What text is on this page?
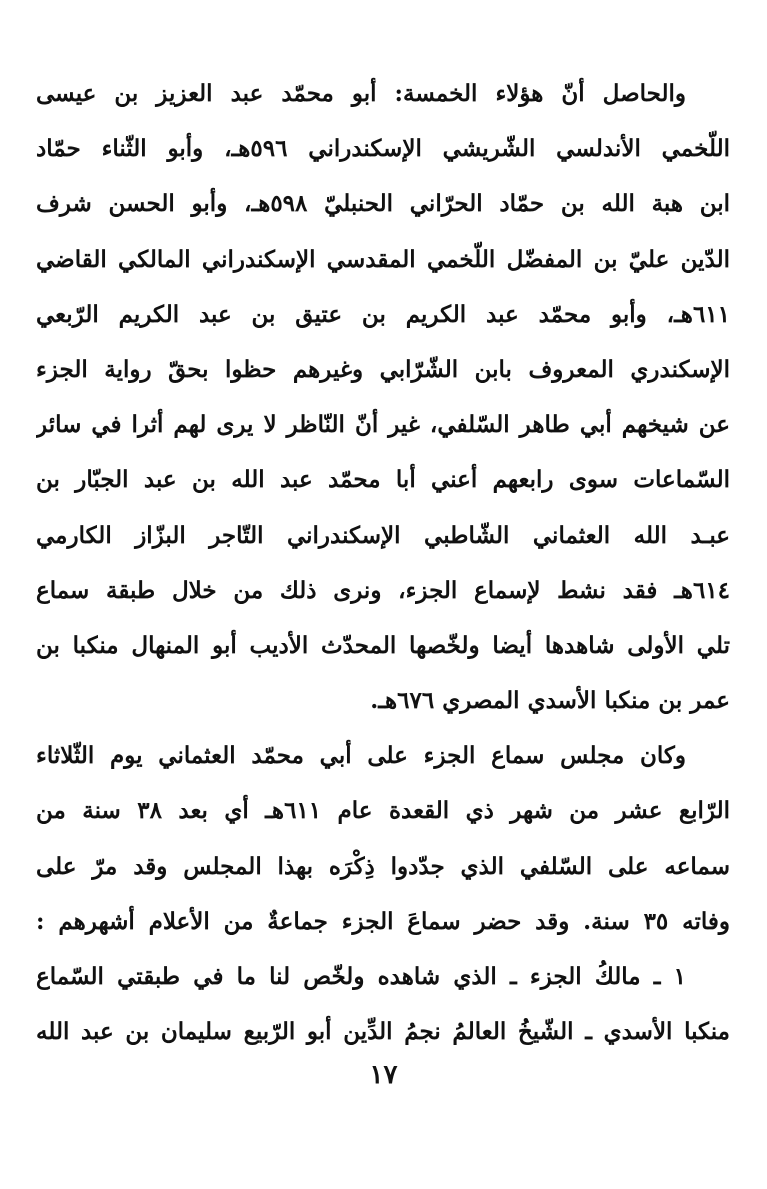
والحاصل أنّ هؤلاء الخمسة: أبو محمّد عبد العزيز بن عيسى
اللّخمي الأندلسي الشّريشي الإسكندراني ٥٩٦هـ، وأبو الثّناء حمّاد
ابن هبة الله بن حمّاد الحرّاني الحنبليّ ٥٩٨هـ، وأبو الحسن شرف
الدّين عليّ بن المفضّل اللّخمي المقدسي الإسكندراني المالكي القاضي
٦١١هـ، وأبو محمّد عبد الكريم بن عتيق بن عبد الكريم الرّبعي
الإسكندري المعروف بابن الشّرّابي وغيرهم حظوا بحقّ رواية الجزء
عن شيخهم أبي طاهر السّلفي، غير أنّ النّاظر لا يرى لهم أثرا في سائر
السّماعات سوى رابعهم أعني أبا محمّد عبد الله بن عبد الجبّار بن
عبـد الله العثماني الشّاطبي الإسكندراني التّاجر البزّاز الكارمي
٦١٤هـ فقد نشط لإسماع الجزء، ونرى ذلك من خلال طبقة سماع
تلي الأولى شاهدها أيضا ولخّصها المحدّث الأديب أبو المنهال منكبا بن
عمر بن منكبا الأسدي المصري ٦٧٦هـ.
وكان مجلس سماع الجزء على أبي محمّد العثماني يوم الثّلاثاء
الرّابع عشر من شهر ذي القعدة عام ٦١١هـ أي بعد ٣٨ سنة من
سماعه على السّلفي الذي جدّدوا ذِكْرَه بهذا المجلس وقد مرّ على
وفاته ٣٥ سنة. وقد حضر سماعَ الجزء جماعةٌ من الأعلام أشهرهم :
١ ـ مالكُ الجزء ـ الذي شاهده ولخّص لنا ما في طبقتي السّماع
منكبا الأسدي ـ الشّيخُ العالمُ نجمُ الدِّين أبو الرّبيع سليمان بن عبد الله
١٧
